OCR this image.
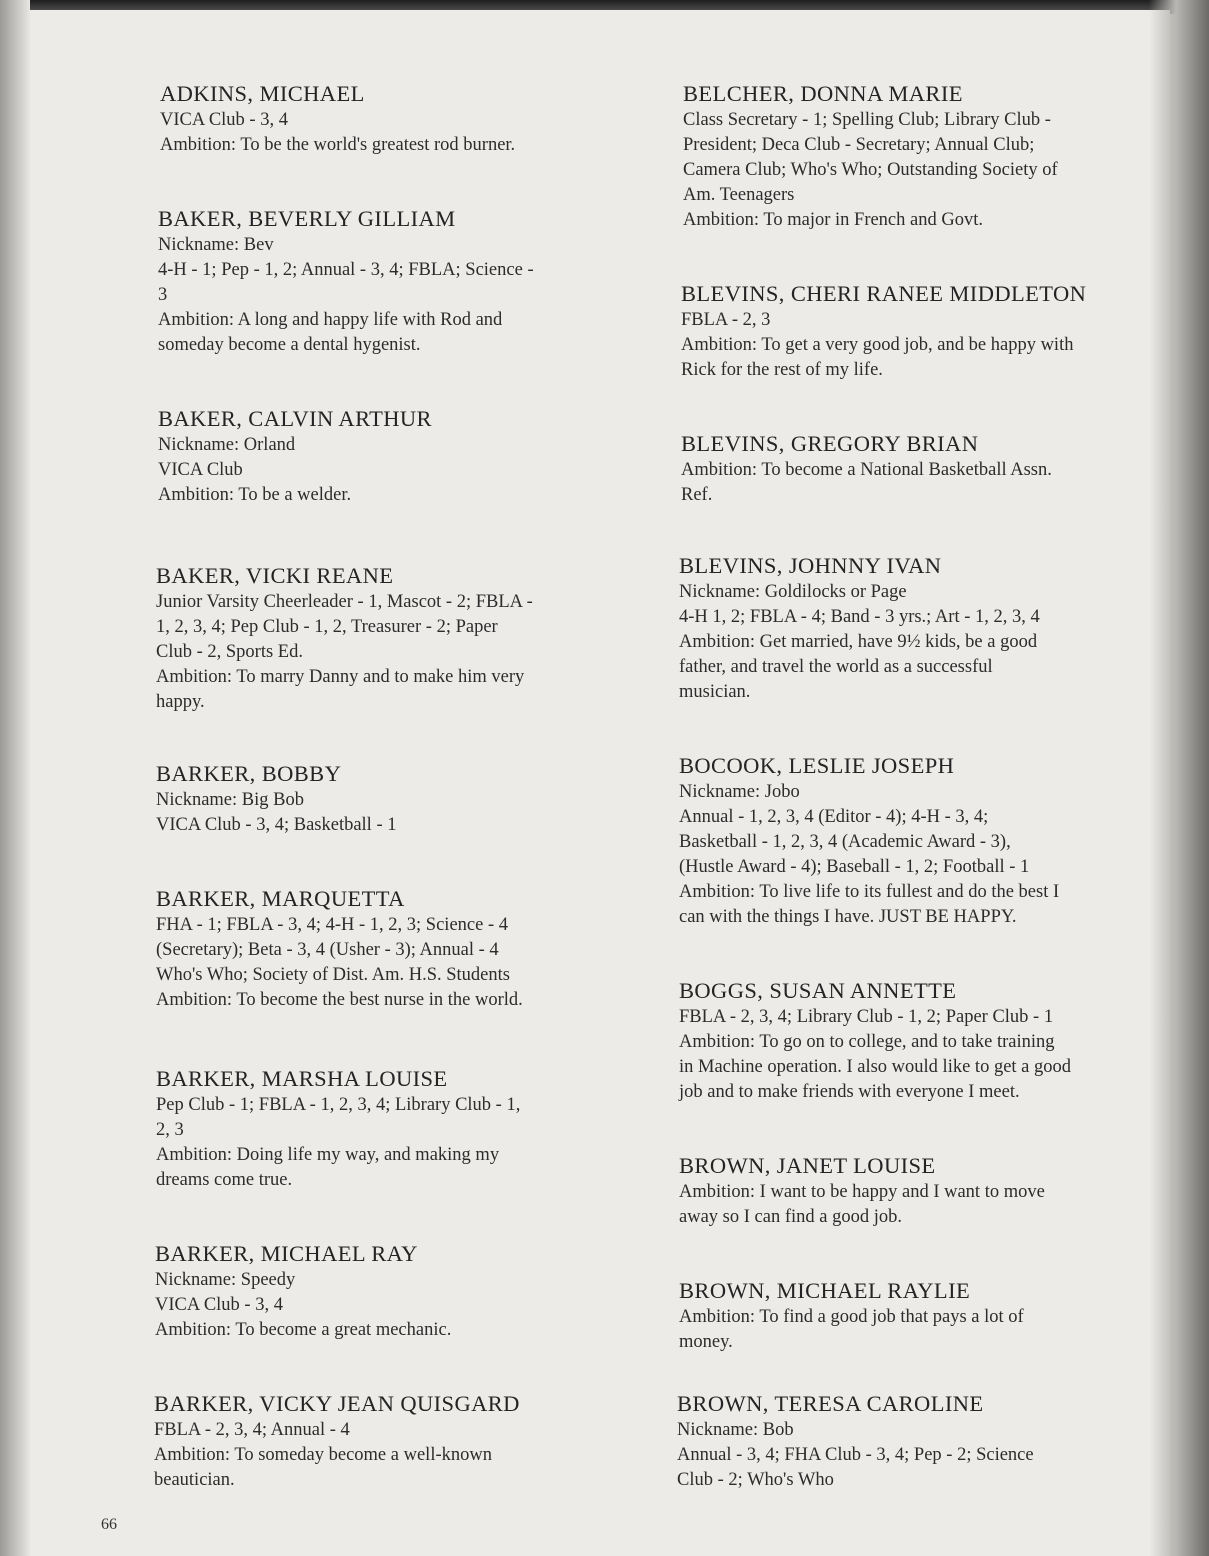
ADKINS, MICHAEL
VICA Club - 3, 4
Ambition: To be the world's greatest rod burner.
BAKER, BEVERLY GILLIAM
Nickname: Bev
4-H - 1; Pep - 1, 2; Annual - 3, 4; FBLA; Science -
3
Ambition: A long and happy life with Rod and
someday become a dental hygenist.
BAKER, CALVIN ARTHUR
Nickname: Orland
VICA Club
Ambition: To be a welder.
BAKER, VICKI REANE
Junior Varsity Cheerleader - 1, Mascot - 2; FBLA -
1, 2, 3, 4; Pep Club - 1, 2, Treasurer - 2; Paper
Club - 2, Sports Ed.
Ambition: To marry Danny and to make him very
happy.
BARKER, BOBBY
Nickname: Big Bob
VICA Club - 3, 4; Basketball - 1
BARKER, MARQUETTA
FHA - 1; FBLA - 3, 4; 4-H - 1, 2, 3; Science - 4
(Secretary); Beta - 3, 4 (Usher - 3); Annual - 4
Who's Who; Society of Dist. Am. H.S. Students
Ambition: To become the best nurse in the world.
BARKER, MARSHA LOUISE
Pep Club - 1; FBLA - 1, 2, 3, 4; Library Club - 1,
2, 3
Ambition: Doing life my way, and making my
dreams come true.
BARKER, MICHAEL RAY
Nickname: Speedy
VICA Club - 3, 4
Ambition: To become a great mechanic.
BARKER, VICKY JEAN QUISGARD
FBLA - 2, 3, 4; Annual - 4
Ambition: To someday become a well-known
beautician.
BELCHER, DONNA MARIE
Class Secretary - 1; Spelling Club; Library Club -
President; Deca Club - Secretary; Annual Club;
Camera Club; Who's Who; Outstanding Society of
Am. Teenagers
Ambition: To major in French and Govt.
BLEVINS, CHERI RANEE MIDDLETON
FBLA - 2, 3
Ambition: To get a very good job, and be happy with
Rick for the rest of my life.
BLEVINS, GREGORY BRIAN
Ambition: To become a National Basketball Assn.
Ref.
BLEVINS, JOHNNY IVAN
Nickname: Goldilocks or Page
4-H 1, 2; FBLA - 4; Band - 3 yrs.; Art - 1, 2, 3, 4
Ambition: Get married, have 9½ kids, be a good
father, and travel the world as a successful
musician.
BOCOOK, LESLIE JOSEPH
Nickname: Jobo
Annual - 1, 2, 3, 4 (Editor - 4); 4-H - 3, 4;
Basketball - 1, 2, 3, 4 (Academic Award - 3),
(Hustle Award - 4); Baseball - 1, 2; Football - 1
Ambition: To live life to its fullest and do the best I
can with the things I have. JUST BE HAPPY.
BOGGS, SUSAN ANNETTE
FBLA - 2, 3, 4; Library Club - 1, 2; Paper Club - 1
Ambition: To go on to college, and to take training
in Machine operation. I also would like to get a good
job and to make friends with everyone I meet.
BROWN, JANET LOUISE
Ambition: I want to be happy and I want to move
away so I can find a good job.
BROWN, MICHAEL RAYLIE
Ambition: To find a good job that pays a lot of
money.
BROWN, TERESA CAROLINE
Nickname: Bob
Annual - 3, 4; FHA Club - 3, 4; Pep - 2; Science
Club - 2; Who's Who
66
